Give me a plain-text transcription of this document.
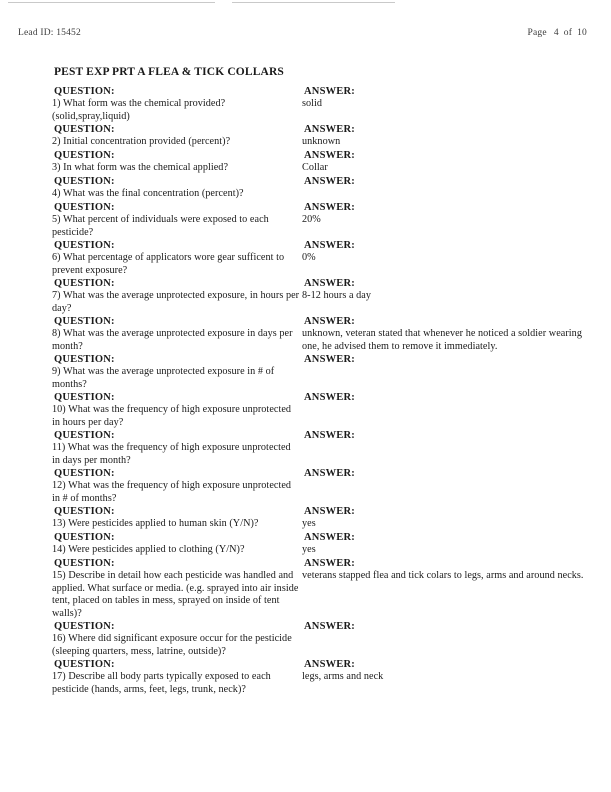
Lead ID: 15452	Page 4 of 10
PEST EXP PRT A FLEA & TICK COLLARS
QUESTION:
1) What form was the chemical provided?(solid,spray,liquid)
ANSWER:
solid
QUESTION:
2) Initial concentration provided (percent)?
ANSWER:
unknown
QUESTION:
3) In what form was the chemical applied?
ANSWER:
Collar
QUESTION:
4) What was the final concentration (percent)?
ANSWER:
QUESTION:
5) What percent of individuals were exposed to each pesticide?
ANSWER:
20%
QUESTION:
6) What percentage of applicators wore gear sufficent to prevent exposure?
ANSWER:
0%
QUESTION:
7) What was the average unprotected exposure, in hours per day?
ANSWER:
8-12 hours a day
QUESTION:
8) What was the average unprotected exposure in days per month?
ANSWER:
unknown, veteran stated that whenever he noticed a soldier wearing one, he advised them to remove it immediately.
QUESTION:
9) What was the average unprotected exposure in # of months?
ANSWER:
QUESTION:
10) What was the frequency of high exposure unprotected in hours per day?
ANSWER:
QUESTION:
11) What was the frequency of high exposure unprotected in days per month?
ANSWER:
QUESTION:
12) What was the frequency of high exposure unprotected in # of months?
ANSWER:
QUESTION:
13) Were pesticides applied to human skin (Y/N)?
ANSWER:
yes
QUESTION:
14) Were pesticides applied to clothing (Y/N)?
ANSWER:
yes
QUESTION:
15) Describe in detail how each pesticide was handled and applied. What surface or media. (e.g. sprayed into air inside tent, placed on tables in mess, sprayed on inside of tent walls)?
ANSWER:
veterans stapped flea and tick colars to legs, arms and around necks.
QUESTION:
16) Where did significant exposure occur for the pesticide (sleeping quarters, mess, latrine, outside)?
ANSWER:
QUESTION:
17) Describe all body parts typically exposed to each pesticide (hands, arms, feet, legs, trunk, neck)?
ANSWER:
legs, arms and neck
